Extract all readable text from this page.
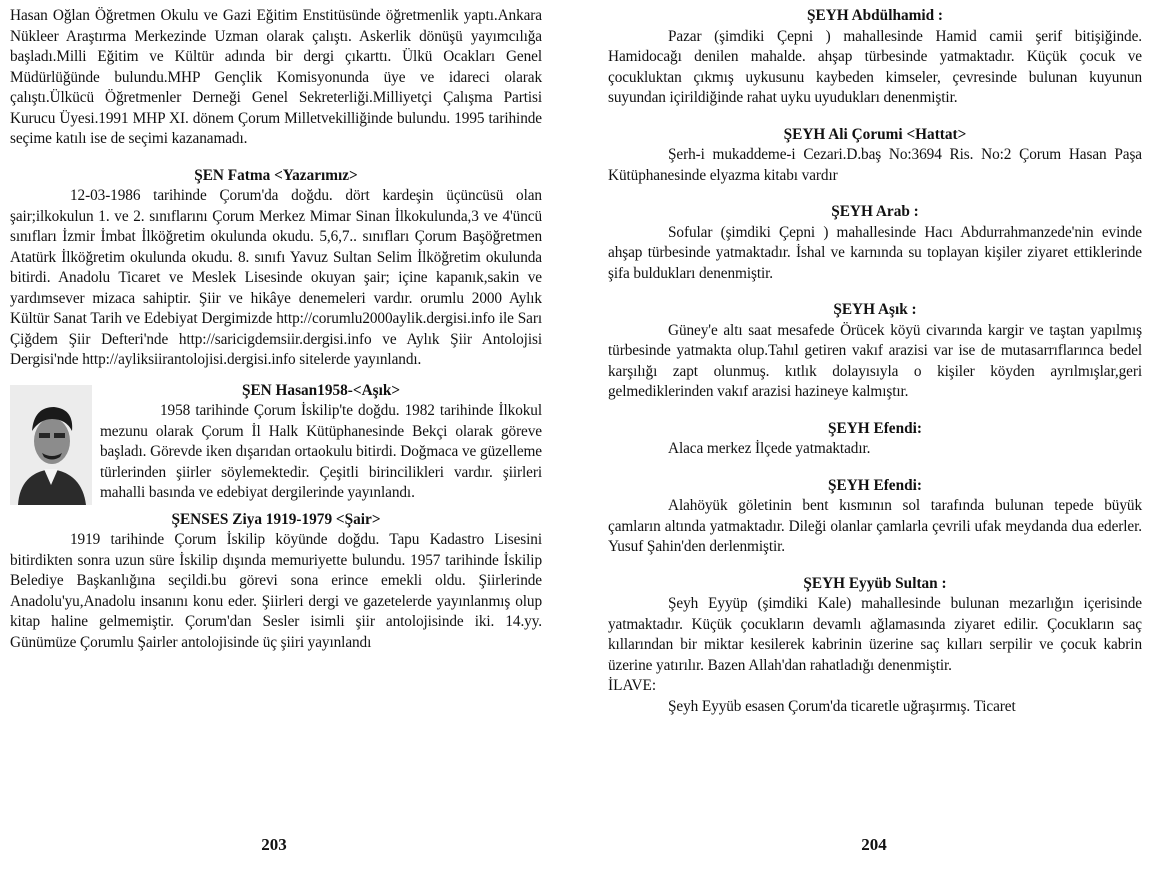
Hasan Oğlan Öğretmen Okulu ve Gazi Eğitim Enstitüsünde öğretmenlik yaptı.Ankara Nükleer Araştırma Merkezinde Uzman olarak çalıştı. Askerlik dönüşü yayımcılığa başladı.Milli Eğitim ve Kültür adında bir dergi çıkarttı. Ülkü Ocakları Genel Müdürlüğünde bulundu.MHP Gençlik Komisyonunda üye ve idareci olarak çalıştı.Ülkücü Öğretmenler Derneği Genel Sekreterliği.Milliyetçi Çalışma Partisi Kurucu Üyesi.1991 MHP XI. dönem Çorum Milletvekilliğinde bulundu. 1995 tarihinde seçime katılı ise de seçimi kazanamadı.

ŞEN Fatma <Yazarımız>

12-03-1986 tarihinde Çorum'da doğdu. dört kardeşin üçüncüsü olan şair;ilkokulun 1. ve 2. sınıflarını Çorum Merkez Mimar Sinan İlkokulunda,3 ve 4'üncü sınıfları İzmir İmbat İlköğretim okulunda okudu. 5,6,7.. sınıfları Çorum Başöğretmen Atatürk İlköğretim okulunda okudu. 8. sınıfı Yavuz Sultan Selim İlköğretim okulunda bitirdi. Anadolu Ticaret ve Meslek Lisesinde okuyan şair; içine kapanık,sakin ve yardımsever mizaca sahiptir. Şiir ve hikâye denemeleri vardır. orumlu 2000 Aylık Kültür Sanat Tarih ve Edebiyat Dergimizde http://corumlu2000aylik.dergisi.info ile Sarı Çiğdem Şiir Defteri'nde http://saricigdemsiir.dergisi.info ve Aylık Şiir Antolojisi Dergisi'nde http://ayliksiirantolojisi.dergisi.info sitelerde yayınlandı.

ŞEN Hasan1958-<Aşık>

1958 tarihinde Çorum İskilip'te doğdu. 1982 tarihinde İlkokul mezunu olarak Çorum İl Halk Kütüphanesinde Bekçi olarak göreve başladı. Görevde iken dışarıdan ortaokulu bitirdi. Doğmaca ve güzelleme türlerinden şiirler söylemektedir. Çeşitli birincilikleri vardır. şiirleri mahalli basında ve edebiyat dergilerinde yayınlandı.

ŞENSES Ziya 1919-1979 <Şair>

1919 tarihinde Çorum İskilip köyünde doğdu. Tapu Kadastro Lisesini bitirdikten sonra uzun süre İskilip dışında memuriyette bulundu. 1957 tarihinde İskilip Belediye Başkanlığına seçildi.bu görevi sona erince emekli oldu. Şiirlerinde Anadolu'yu,Anadolu insanını konu eder. Şiirleri dergi ve gazetelerde yayınlanmış olup kitap haline gelmemiştir. Çorum'dan Sesler isimli şiir antolojisinde iki. 14.yy. Günümüze Çorumlu Şairler antolojisinde üç şiiri yayınlandı

203

ŞEYH Abdülhamid :

Pazar (şimdiki Çepni ) mahallesinde Hamid camii şerif bitişiğinde. Hamidocağı denilen mahalde. ahşap türbesinde yatmaktadır. Küçük çocuk ve çocukluktan çıkmış uykusunu kaybeden kimseler, çevresinde bulunan kuyunun suyundan içirildiğinde rahat uyku uyudukları denenmiştir.

ŞEYH Ali Çorumi <Hattat>

Şerh-i mukaddeme-i Cezari.D.baş No:3694 Ris. No:2 Çorum Hasan Paşa Kütüphanesinde elyazma kitabı vardır

ŞEYH Arab :

Sofular (şimdiki Çepni ) mahallesinde Hacı Abdurrahmanzede'nin evinde ahşap türbesinde yatmaktadır. İshal ve karnında su toplayan kişiler ziyaret ettiklerinde şifa buldukları denenmiştir.

ŞEYH Aşık :

Güney'e altı saat mesafede Örücek köyü civarında kargir ve taştan yapılmış türbesinde yatmakta olup.Tahıl getiren vakıf arazisi var ise de mutasarrıflarınca bedel karşılığı zapt olunmuş. kıtlık dolayısıyla o kişiler köyden ayrılmışlar,geri gelmediklerinden vakıf arazisi hazineye kalmıştır.

ŞEYH Efendi:

Alaca merkez İlçede yatmaktadır.

ŞEYH Efendi:

Alahöyük göletinin bent kısmının sol tarafında bulunan tepede büyük çamların altında yatmaktadır. Dileği olanlar çamlarla çevrili ufak meydanda dua ederler. Yusuf Şahin'den derlenmiştir.

ŞEYH Eyyüb Sultan :

Şeyh Eyyüp (şimdiki Kale) mahallesinde bulunan mezarlığın içerisinde yatmaktadır. Küçük çocukların devamlı ağlamasında ziyaret edilir. Çocukların saç kıllarından bir miktar kesilerek kabrinin üzerine saç kılları serpilir ve çocuk kabrin üzerine yatırılır. Bazen Allah'dan rahatladığı denenmiştir.

İLAVE:

Şeyh Eyyüb esasen Çorum'da ticaretle uğraşırmış. Ticaret

204
